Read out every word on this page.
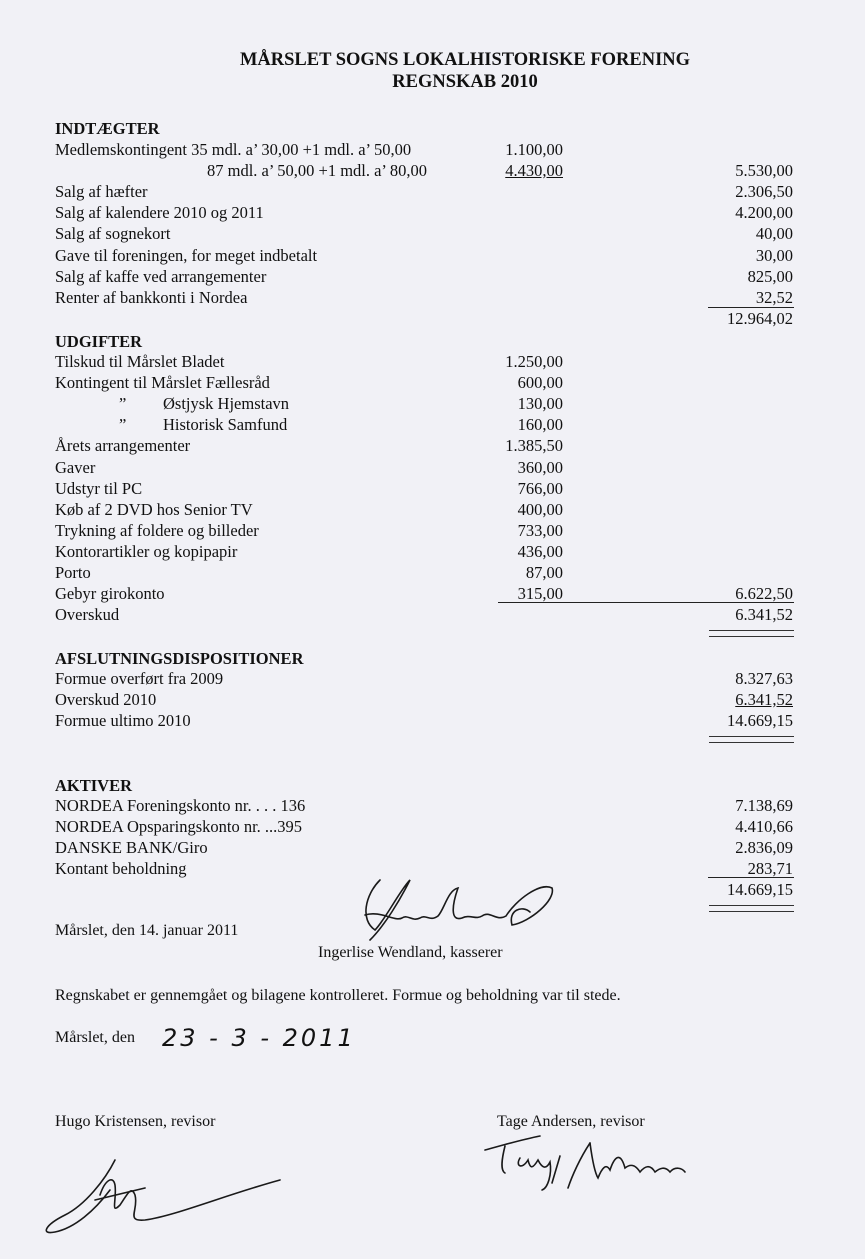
MÅRSLET SOGNS LOKALHISTORISKE FORENING
REGNSKAB 2010
INDTÆGTER
Medlemskontingent 35 mdl. a’ 30,00 +1 mdl. a’ 50,00	1.100,00
87 mdl. a’ 50,00 +1 mdl. a’ 80,00	4.430,00	5.530,00
Salg af hæfter	2.306,50
Salg af kalendere 2010 og 2011	4.200,00
Salg af sognekort	40,00
Gave til foreningen, for meget indbetalt	30,00
Salg af kaffe ved arrangementer	825,00
Renter af bankkonti i Nordea	32,52
12.964,02
UDGIFTER
Tilskud til Mårslet Bladet	1.250,00
Kontingent til Mårslet Fællesråd	600,00
” Østjysk Hjemstavn	130,00
” Historisk Samfund	160,00
Årets arrangementer	1.385,50
Gaver	360,00
Udstyr til PC	766,00
Køb af 2 DVD hos Senior TV	400,00
Trykning af foldere og billeder	733,00
Kontorartikler og kopipapir	436,00
Porto	87,00
Gebyr girokonto	315,00	6.622,50
Overskud	6.341,52
AFSLUTNINGSDISPOSITIONER
Formue overført fra 2009	8.327,63
Overskud 2010	6.341,52
Formue ultimo 2010	14.669,15
AKTIVER
NORDEA Foreningskonto nr. . . . 136	7.138,69
NORDEA Opsparingskonto nr. ...395	4.410,66
DANSKE BANK/Giro	2.836,09
Kontant beholdning	283,71
14.669,15
Mårslet, den 14. januar 2011
Ingerlise Wendland, kasserer
Regnskabet er gennemgået og bilagene kontrolleret. Formue og beholdning var til stede.
Mårslet, den 23 - 3 - 2011
Hugo Kristensen, revisor	Tage Andersen, revisor
